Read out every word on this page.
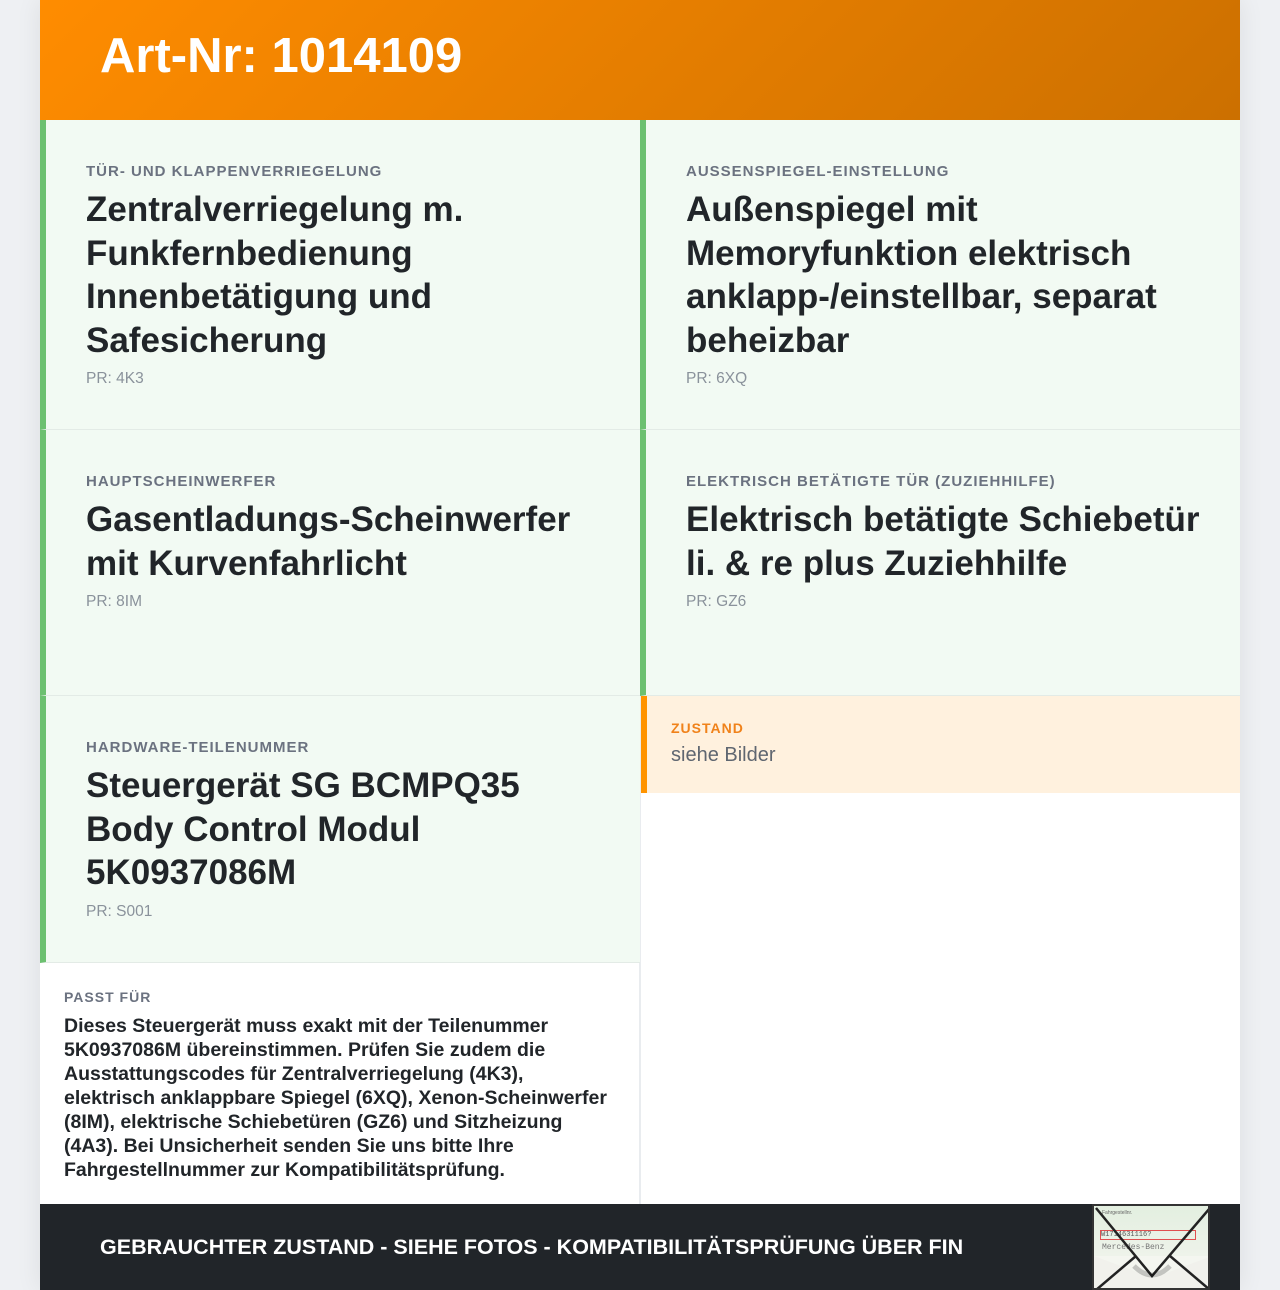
Art-Nr: 1014109
TÜR- UND KLAPPENVERRIEGELUNG
Zentralverriegelung m. Funkfernbedienung Innenbetätigung und Safesicherung
PR: 4K3
AUSSENSPIEGEL-EINSTELLUNG
Außenspiegel mit Memoryfunktion elektrisch anklapp-/einstellbar, separat beheizbar
PR: 6XQ
HAUPTSCHEINWERFER
Gasentladungs-Scheinwerfer mit Kurvenfahrlicht
PR: 8IM
ELEKTRISCH BETÄTIGTE TÜR (ZUZIEHHILFE)
Elektrisch betätigte Schiebetür li. & re plus Zuziehhilfe
PR: GZ6
HARDWARE-TEILENUMMER
Steuergerät SG BCMPQ35 Body Control Modul 5K0937086M
PR: S001
PASST FÜR
Dieses Steuergerät muss exakt mit der Teilenummer 5K0937086M übereinstimmen. Prüfen Sie zudem die Ausstattungscodes für Zentralverriegelung (4K3), elektrisch anklappbare Spiegel (6XQ), Xenon-Scheinwerfer (8IM), elektrische Schiebetüren (GZ6) und Sitzheizung (4A3). Bei Unsicherheit senden Sie uns bitte Ihre Fahrgestellnummer zur Kompatibilitätsprüfung.
ZUSTAND
siehe Bilder
GEBRAUCHTER ZUSTAND - SIEHE FOTOS - KOMPATIBILITÄTSPRÜFUNG ÜBER FIN
Fahrgestellnr.
W1714631116?
Mercedes-Benz
